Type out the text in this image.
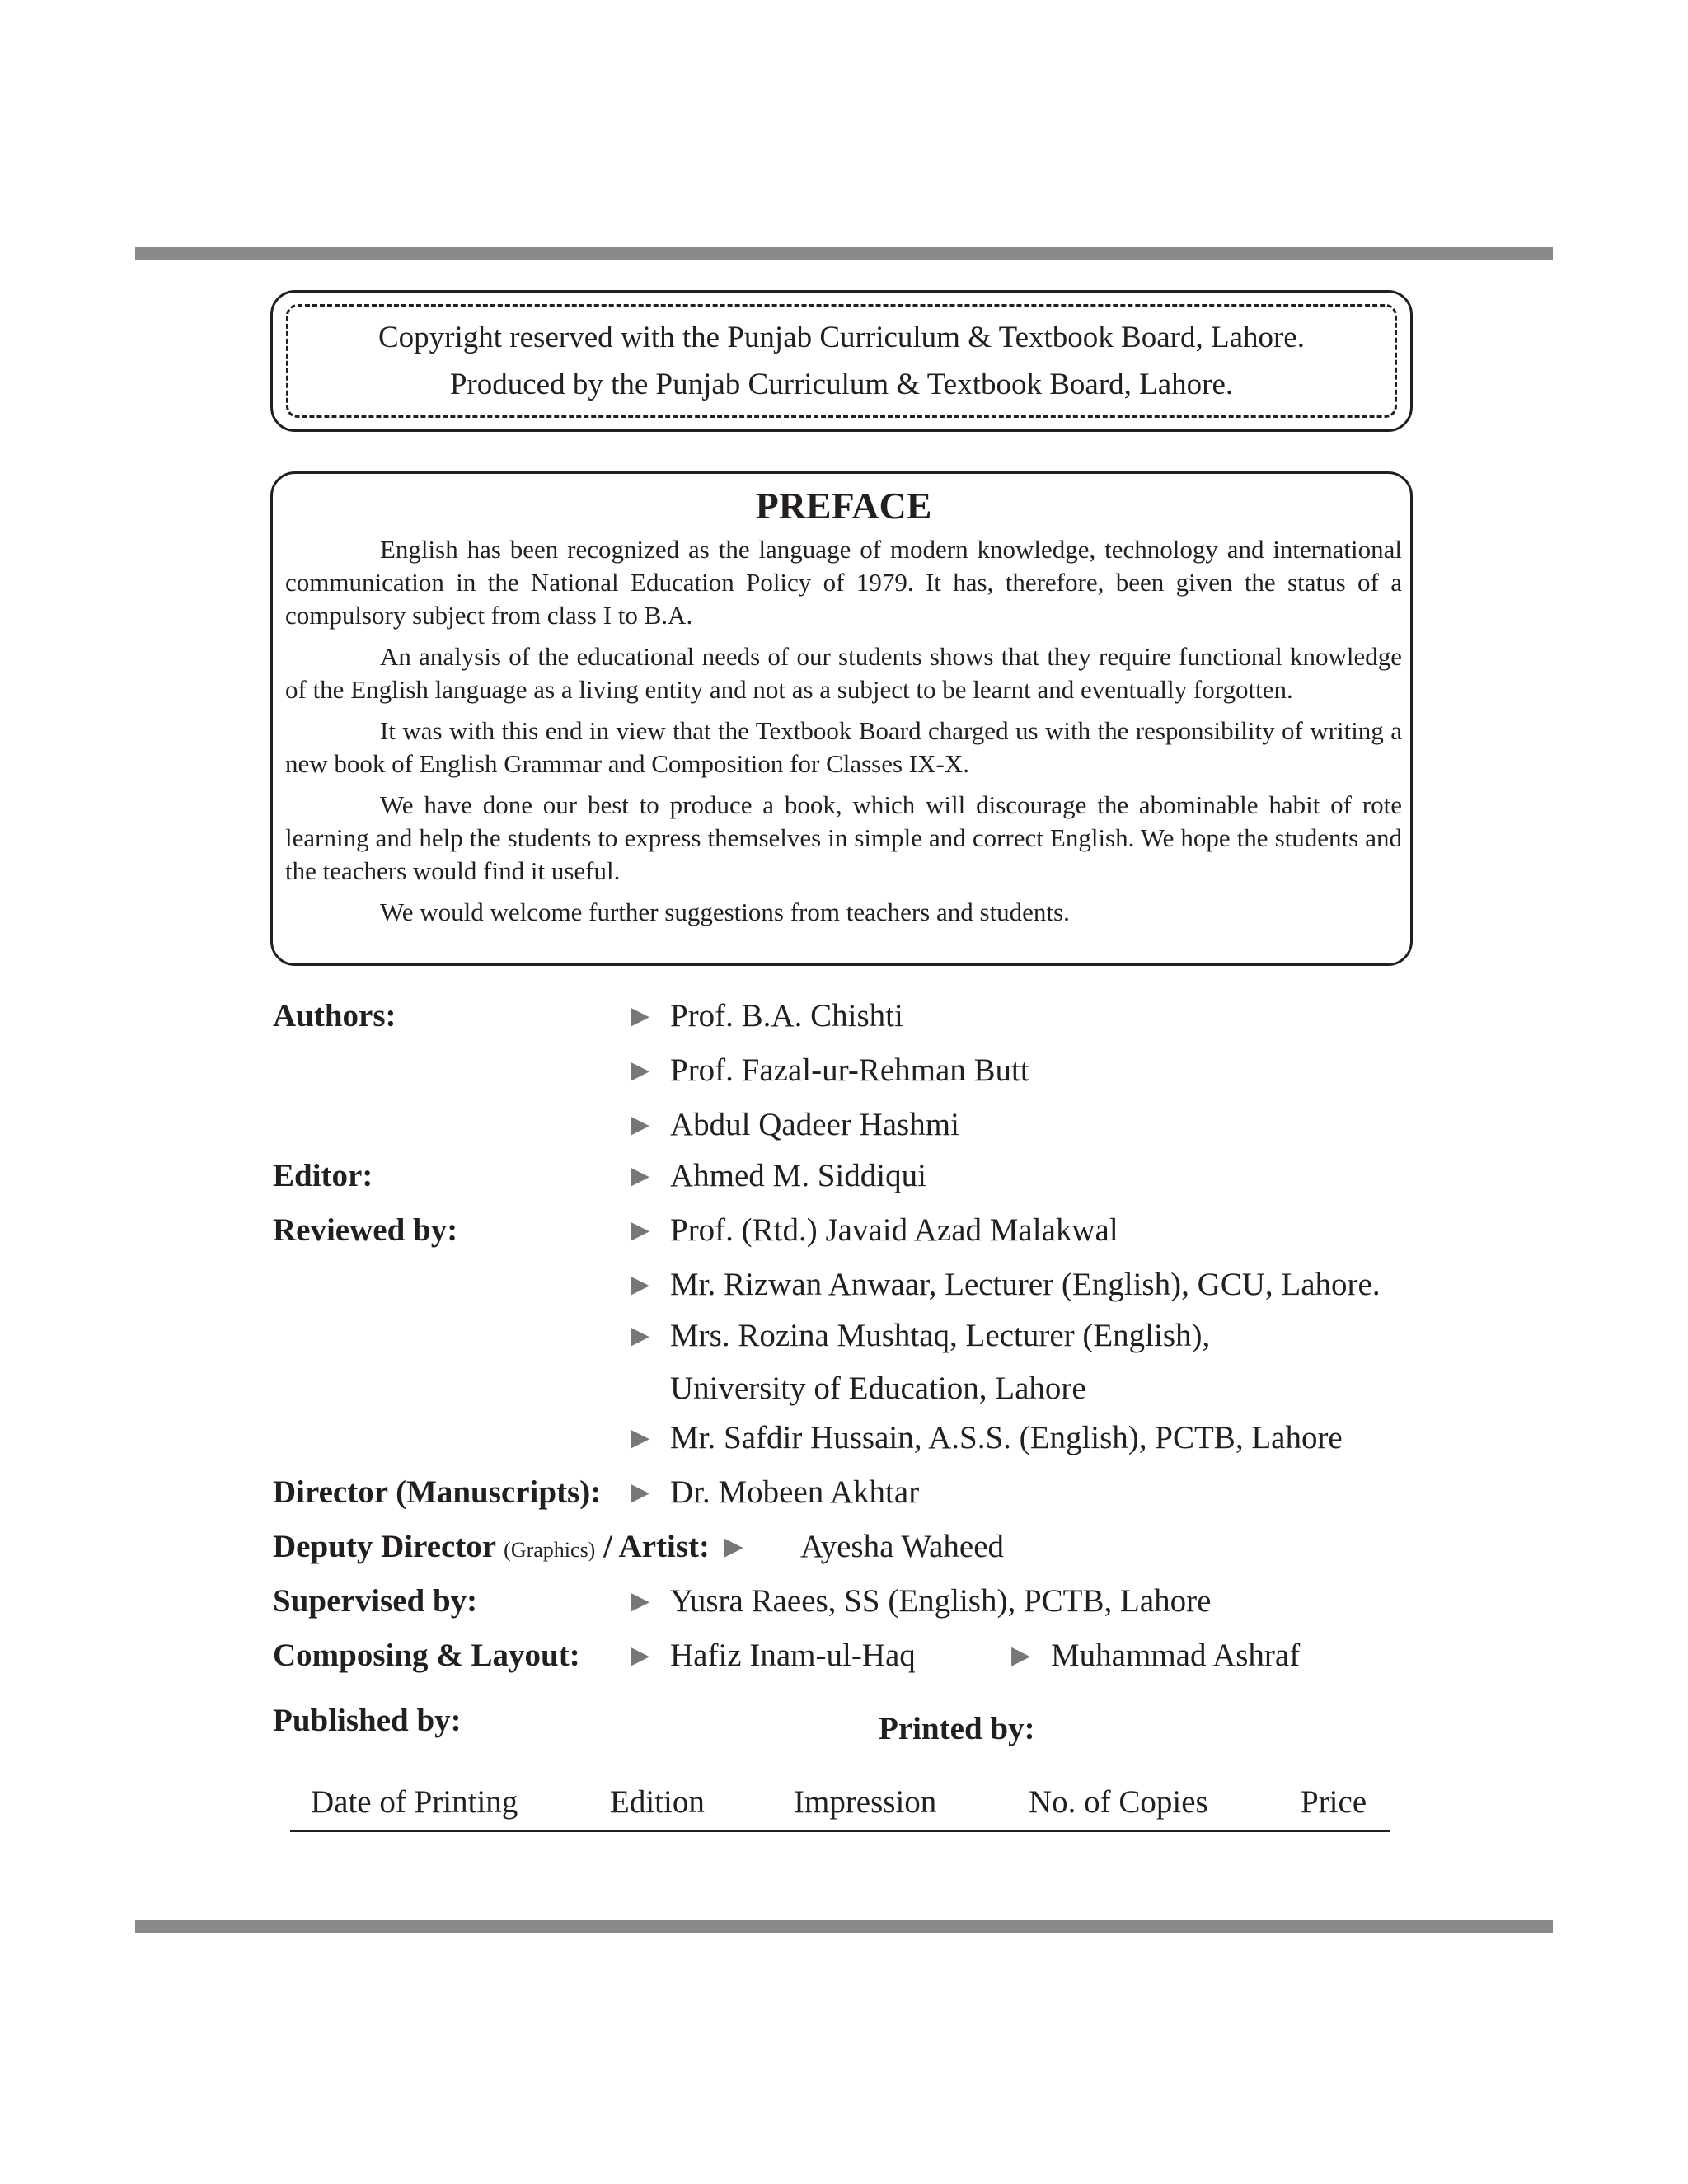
Copyright reserved with the Punjab Curriculum & Textbook Board, Lahore.

Produced by the Punjab Curriculum & Textbook Board, Lahore.

PREFACE

English has been recognized as the language of modern knowledge, technology and international communication in the National Education Policy of 1979. It has, therefore, been given the status of a compulsory subject from class I to B.A.

An analysis of the educational needs of our students shows that they require functional knowledge of the English language as a living entity and not as a subject to be learnt and eventually forgotten.

It was with this end in view that the Textbook Board charged us with the responsibility of writing a new book of English Grammar and Composition for Classes IX-X.

We have done our best to produce a book, which will discourage the abominable habit of rote learning and help the students to express themselves in simple and correct English. We hope the students and the teachers would find it useful.

We would welcome further suggestions from teachers and students.

Authors:	▶ Prof. B.A. Chishti
▶ Prof. Fazal-ur-Rehman Butt
▶ Abdul Qadeer Hashmi
Editor:	▶ Ahmed M. Siddiqui
Reviewed by:	▶ Prof. (Rtd.) Javaid Azad Malakwal
▶ Mr. Rizwan Anwaar, Lecturer (English), GCU, Lahore.
▶ Mrs. Rozina Mushtaq, Lecturer (English),
University of Education, Lahore
▶ Mr. Safdir Hussain, A.S.S. (English), PCTB, Lahore
Director (Manuscripts): ▶ Dr. Mobeen Akhtar
Deputy Director (Graphics) / Artist: ▶ Ayesha Waheed
Supervised by:	▶ Yusra Raees, SS (English), PCTB, Lahore
Composing & Layout: ▶ Hafiz Inam-ul-Haq	▶ Muhammad Ashraf
Published by:	Printed by:
Date of Printing	Edition	Impression	No. of Copies	Price
